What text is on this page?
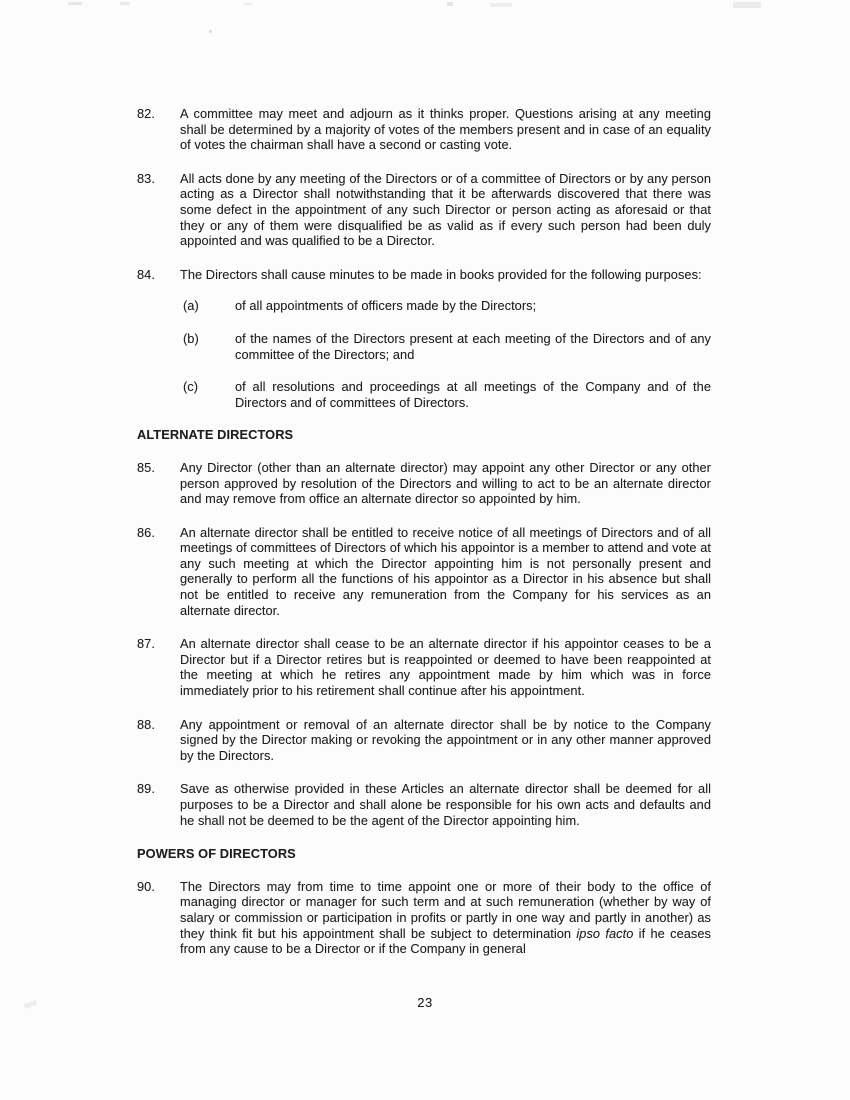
82.	A committee may meet and adjourn as it thinks proper. Questions arising at any meeting shall be determined by a majority of votes of the members present and in case of an equality of votes the chairman shall have a second or casting vote.
83.	All acts done by any meeting of the Directors or of a committee of Directors or by any person acting as a Director shall notwithstanding that it be afterwards discovered that there was some defect in the appointment of any such Director or person acting as aforesaid or that they or any of them were disqualified be as valid as if every such person had been duly appointed and was qualified to be a Director.
84.	The Directors shall cause minutes to be made in books provided for the following purposes:
(a)	of all appointments of officers made by the Directors;
(b)	of the names of the Directors present at each meeting of the Directors and of any committee of the Directors; and
(c)	of all resolutions and proceedings at all meetings of the Company and of the Directors and of committees of Directors.
ALTERNATE DIRECTORS
85.	Any Director (other than an alternate director) may appoint any other Director or any other person approved by resolution of the Directors and willing to act to be an alternate director and may remove from office an alternate director so appointed by him.
86.	An alternate director shall be entitled to receive notice of all meetings of Directors and of all meetings of committees of Directors of which his appointor is a member to attend and vote at any such meeting at which the Director appointing him is not personally present and generally to perform all the functions of his appointor as a Director in his absence but shall not be entitled to receive any remuneration from the Company for his services as an alternate director.
87.	An alternate director shall cease to be an alternate director if his appointor ceases to be a Director but if a Director retires but is reappointed or deemed to have been reappointed at the meeting at which he retires any appointment made by him which was in force immediately prior to his retirement shall continue after his appointment.
88.	Any appointment or removal of an alternate director shall be by notice to the Company signed by the Director making or revoking the appointment or in any other manner approved by the Directors.
89.	Save as otherwise provided in these Articles an alternate director shall be deemed for all purposes to be a Director and shall alone be responsible for his own acts and defaults and he shall not be deemed to be the agent of the Director appointing him.
POWERS OF DIRECTORS
90.	The Directors may from time to time appoint one or more of their body to the office of managing director or manager for such term and at such remuneration (whether by way of salary or commission or participation in profits or partly in one way and partly in another) as they think fit but his appointment shall be subject to determination ipso facto if he ceases from any cause to be a Director or if the Company in general
23
